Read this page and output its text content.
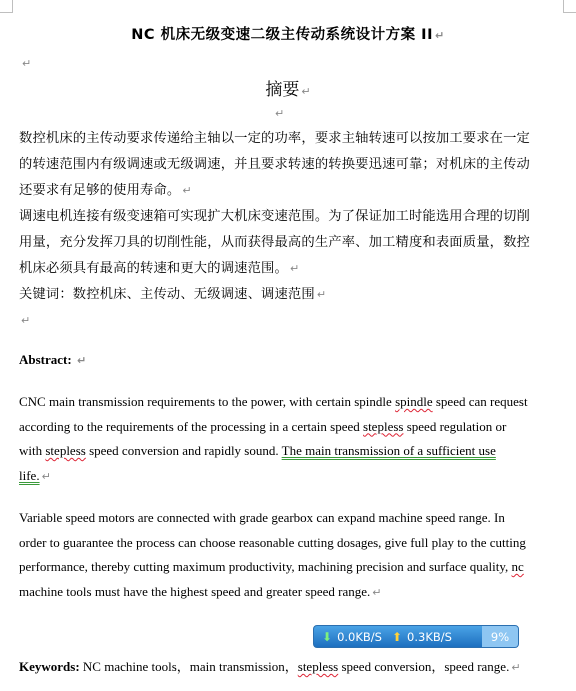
NC 机床无级变速二级主传动系统设计方案 II ↵
↵
摘要 ↵
↵

数控机床的主传动要求传递给主轴以一定的功率，要求主轴转速可以按加工要求在一定的转速范围内有级调速或无级调速，并且要求转速的转换要迅速可靠；对机床的主传动还要求有足够的使用寿命。 ↵

调速电机连接有级变速箱可实现扩大机床变速范围。为了保证加工时能选用合理的切削用量，充分发挥刀具的切削性能，从而获得最高的生产率、加工精度和表面质量，数控机床必须具有最高的转速和更大的调速范围。 ↵

关键词：数控机床、主传动、无级调速、调速范围 ↵

↵

Abstract: ↵

CNC main transmission requirements to the power, with certain spindle spindle speed can request according to the requirements of the processing in a certain speed stepless speed regulation or with stepless speed conversion and rapidly sound. The main transmission of a sufficient use life. ↵

Variable speed motors are connected with grade gearbox can expand machine speed range. In order to guarantee the process can choose reasonable cutting dosages, give full play to the cutting performance, thereby cutting maximum productivity, machining precision and surface quality, nc machine tools must have the highest speed and greater speed range. ↵

⬇ 0.0KB/S ⬆ 0.3KB/S	9%
Keywords: NC machine tools，main transmission，stepless speed conversion，speed range. ↵
